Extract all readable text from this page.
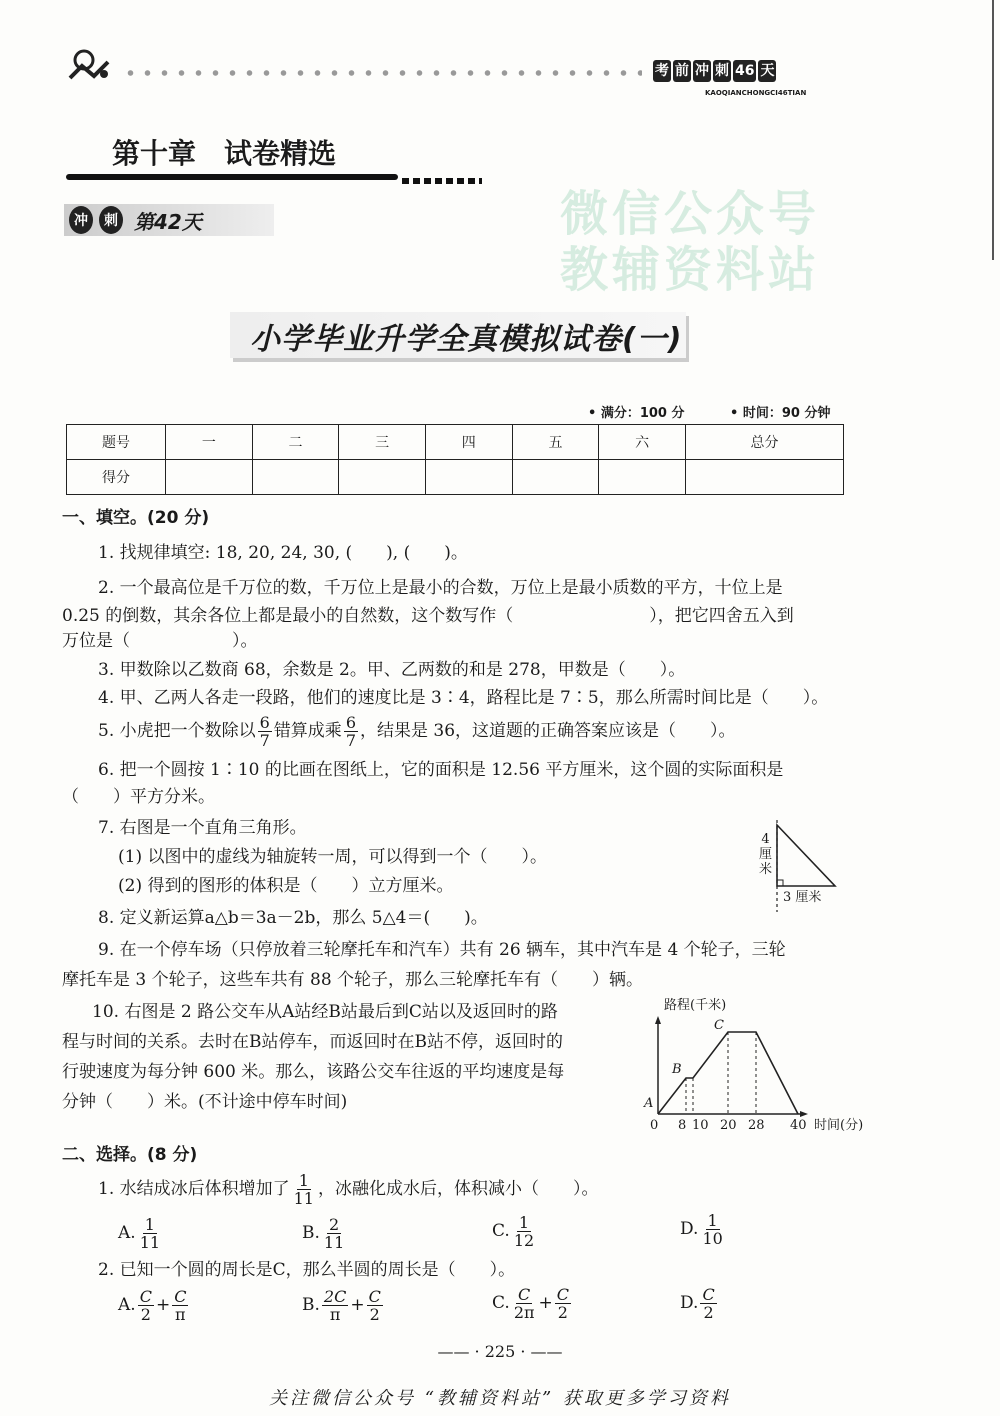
微信公众号
教辅资料站
考 前 冲 刺 46 天
KAOQIANCHONGCI46TIAN
第十章　试卷精选
冲	刺 第42天
小学毕业升学全真模拟试卷(一)
• 满分：100 分	• 时间：90 分钟
题号	一	二	三	四	五	六	总分
得分							
一、填空。(20 分)
1. 找规律填空: 18, 20, 24, 30, (　　), (　　)。
2. 一个最高位是千万位的数，千万位上是最小的合数，万位上是最小质数的平方，十位上是
0.25 的倒数，其余各位上都是最小的自然数，这个数写作（　　　　　　　　），把它四舍五入到
万位是（　　　　　　）。
3. 甲数除以乙数商 68，余数是 2。甲、乙两数的和是 278，甲数是（　　）。
4. 甲、乙两人各走一段路，他们的速度比是 3∶4，路程比是 7∶5，那么所需时间比是（　　）。
5. 小虎把一个数除以 $\frac{6}{7}$ 错算成乘 $\frac{6}{7}$ ，结果是 36，这道题的正确答案应该是（　　）。
6. 把一个圆按 1∶10 的比画在图纸上，它的面积是 12.56 平方厘米，这个圆的实际面积是
（　　）平方分米。
7. 右图是一个直角三角形。
(1) 以图中的虚线为轴旋转一周，可以得到一个（　　）。
(2) 得到的图形的体积是（　　）立方厘米。
4
厘
米
3 厘米
8. 定义新运算a△b＝3a－2b，那么 5△4＝(　　)。
9. 在一个停车场（只停放着三轮摩托车和汽车）共有 26 辆车，其中汽车是 4 个轮子，三轮
摩托车是 3 个轮子，这些车共有 88 个轮子，那么三轮摩托车有（　　）辆。
10. 右图是 2 路公交车从A站经B站最后到C站以及返回时的路
程与时间的关系。去时在B站停车，而返回时在B站不停，返回时的
行驶速度为每分钟 600 米。那么，该路公交车往返的平均速度是每
分钟（　　）米。(不计途中停车时间)
路程(千米)
时间(分)
A
B
C
0 8 10 20 28 40
二、选择。(8 分)
1. 水结成冰后体积增加了 $\frac{1}{11}$ ，冰融化成水后，体积减小（　　）。
A. $\frac{1}{11}$	B. $\frac{2}{11}$	C. $\frac{1}{12}$	D. $\frac{1}{10}$
2. 已知一个圆的周长是C，那么半圆的周长是（　　）。
A. $\frac{C}{2} + \frac{C}{\pi}$	B. $\frac{2C}{\pi} + \frac{C}{2}$	C. $\frac{C}{2\pi} + \frac{C}{2}$	D. $\frac{C}{2}$
—— · 225 · ——
关注微信公众号 “教辅资料站” 获取更多学习资料
